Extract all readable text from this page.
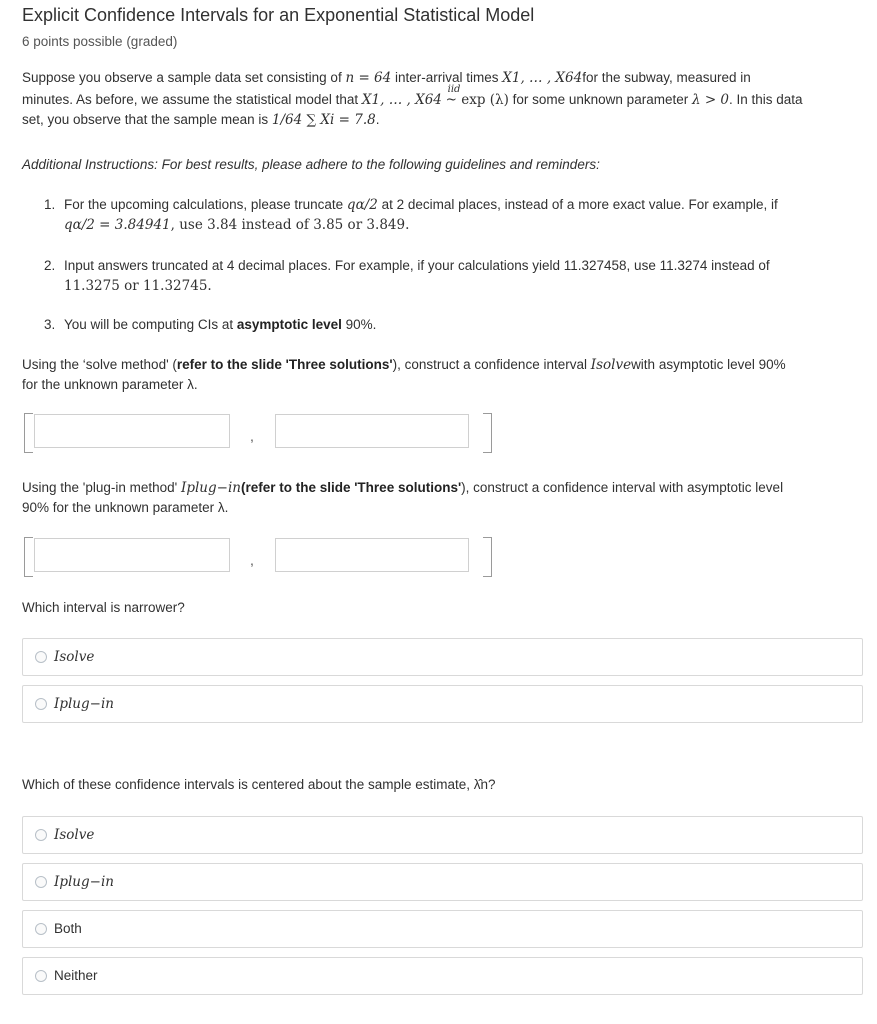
Explicit Confidence Intervals for an Exponential Statistical Model
6 points possible (graded)
Suppose you observe a sample data set consisting of n = 64 inter-arrival times X1, … , X64for the subway, measured in
minutes. As before, we assume the statistical model that X1, … , X64
iid
~ exp (λ) for some unknown parameter λ > 0. In this data
set, you observe that the sample mean is 1/64 ∑ Xi = 7.8.
Additional Instructions: For best results, please adhere to the following guidelines and reminders:
1. For the upcoming calculations, please truncate qα/2 at 2 decimal places, instead of a more exact value. For example, if
qα/2 = 3.84941, use 3.84 instead of 3.85 or 3.849.
2. Input answers truncated at 4 decimal places. For example, if your calculations yield 11.327458, use 11.3274 instead of
11.3275 or 11.32745.
3. You will be computing CIs at asymptotic level 90%.
Using the ‘solve method' (refer to the slide 'Three solutions'), construct a confidence interval Isolvewith asymptotic level 90%
for the unknown parameter λ.
,
Using the 'plug-in method' Iplug−in(refer to the slide 'Three solutions'), construct a confidence interval with asymptotic level
90% for the unknown parameter λ.
,
Which interval is narrower?
Isolve
Iplug−in
Which of these confidence intervals is centered about the sample estimate, λ̂n?
Isolve
Iplug−in
Both
Neither
